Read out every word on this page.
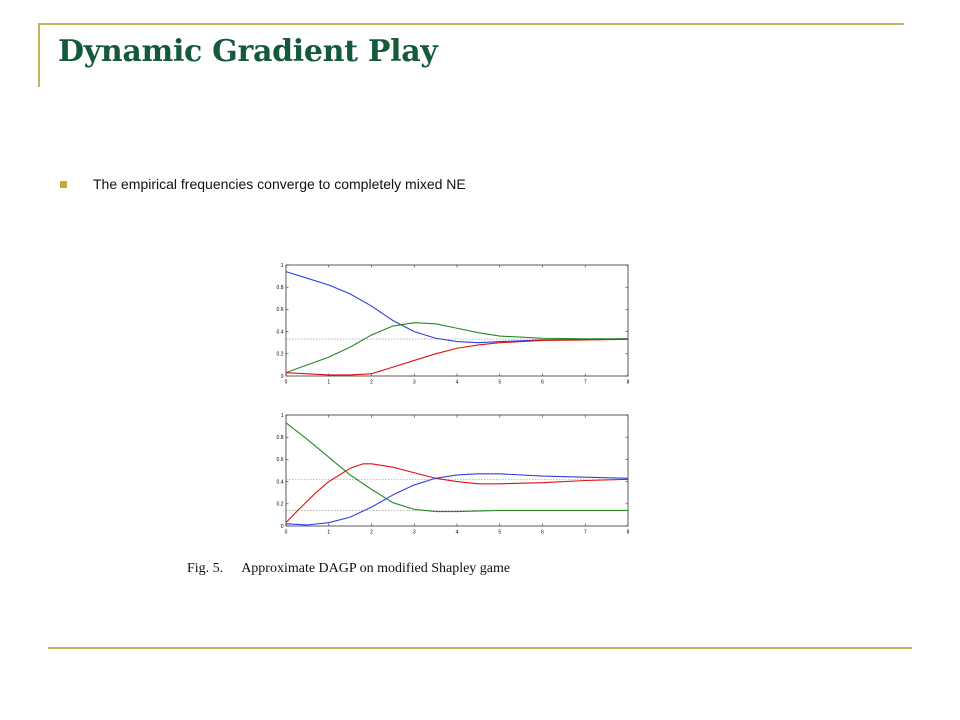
Dynamic Gradient Play
The empirical frequencies converge to completely mixed NE
0	1	2	3	4	5	6	7	8
0
0.2
0.4
0.6
0.8
1
0	1	2	3	4	5	6	7	8
0
0.2
0.4
0.6
0.8
1
Fig. 5. Approximate DAGP on modified Shapley game
